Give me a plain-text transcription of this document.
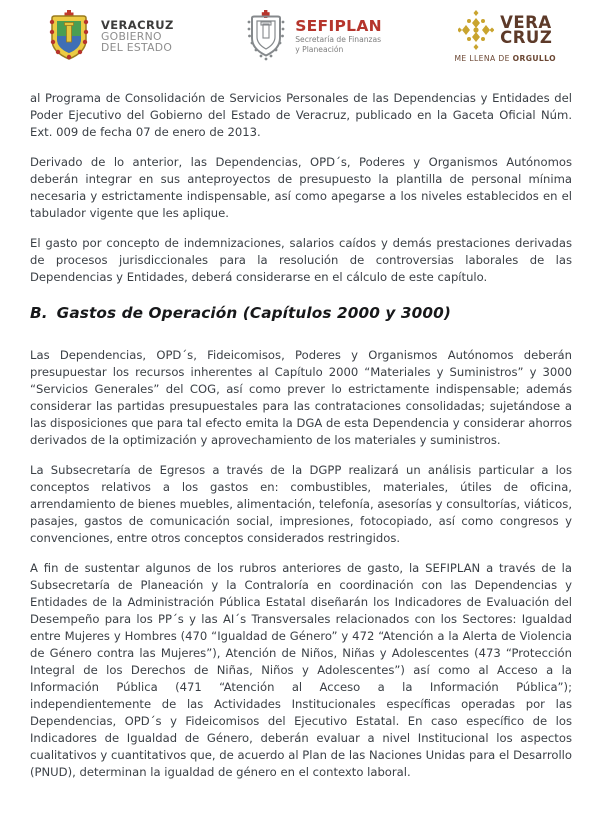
VERACRUZ
GOBIERNO
DEL ESTADO
SEFIPLAN
Secretaría de Finanzas
y Planeación
VERA
CRUZ
ME LLENA DE ORGULLO

al Programa de Consolidación de Servicios Personales de las Dependencias y Entidades del Poder Ejecutivo del Gobierno del Estado de Veracruz, publicado en la Gaceta Oficial Núm. Ext. 009 de fecha 07 de enero de 2013.

Derivado de lo anterior, las Dependencias, OPD´s, Poderes y Organismos Autónomos deberán integrar en sus anteproyectos de presupuesto la plantilla de personal mínima necesaria y estrictamente indispensable, así como apegarse a los niveles establecidos en el tabulador vigente que les aplique.

El gasto por concepto de indemnizaciones, salarios caídos y demás prestaciones derivadas de procesos jurisdiccionales para la resolución de controversias laborales de las Dependencias y Entidades, deberá considerarse en el cálculo de este capítulo.

B. Gastos de Operación (Capítulos 2000 y 3000)

Las Dependencias, OPD´s, Fideicomisos, Poderes y Organismos Autónomos deberán presupuestar los recursos inherentes al Capítulo 2000 “Materiales y Suministros” y 3000 “Servicios Generales” del COG, así como prever lo estrictamente indispensable; además considerar las partidas presupuestales para las contrataciones consolidadas; sujetándose a las disposiciones que para tal efecto emita la DGA de esta Dependencia y considerar ahorros derivados de la optimización y aprovechamiento de los materiales y suministros.

La Subsecretaría de Egresos a través de la DGPP realizará un análisis particular a los conceptos relativos a los gastos en: combustibles, materiales, útiles de oficina, arrendamiento de bienes muebles, alimentación, telefonía, asesorías y consultorías, viáticos, pasajes, gastos de comunicación social, impresiones, fotocopiado, así como congresos y convenciones, entre otros conceptos considerados restringidos.

A fin de sustentar algunos de los rubros anteriores de gasto, la SEFIPLAN a través de la Subsecretaría de Planeación y la Contraloría en coordinación con las Dependencias y Entidades de la Administración Pública Estatal diseñarán los Indicadores de Evaluación del Desempeño para los PP´s y las AI´s Transversales relacionados con los Sectores: Igualdad entre Mujeres y Hombres (470 “Igualdad de Género” y 472 “Atención a la Alerta de Violencia de Género contra las Mujeres”), Atención de Niños, Niñas y Adolescentes (473 “Protección Integral de los Derechos de Niñas, Niños y Adolescentes”) así como al Acceso a la Información Pública (471 “Atención al Acceso a la Información Pública”); independientemente de las Actividades Institucionales específicas operadas por las Dependencias, OPD´s y Fideicomisos del Ejecutivo Estatal. En caso específico de los Indicadores de Igualdad de Género, deberán evaluar a nivel Institucional los aspectos cualitativos y cuantitativos que, de acuerdo al Plan de las Naciones Unidas para el Desarrollo (PNUD), determinan la igualdad de género en el contexto laboral.
